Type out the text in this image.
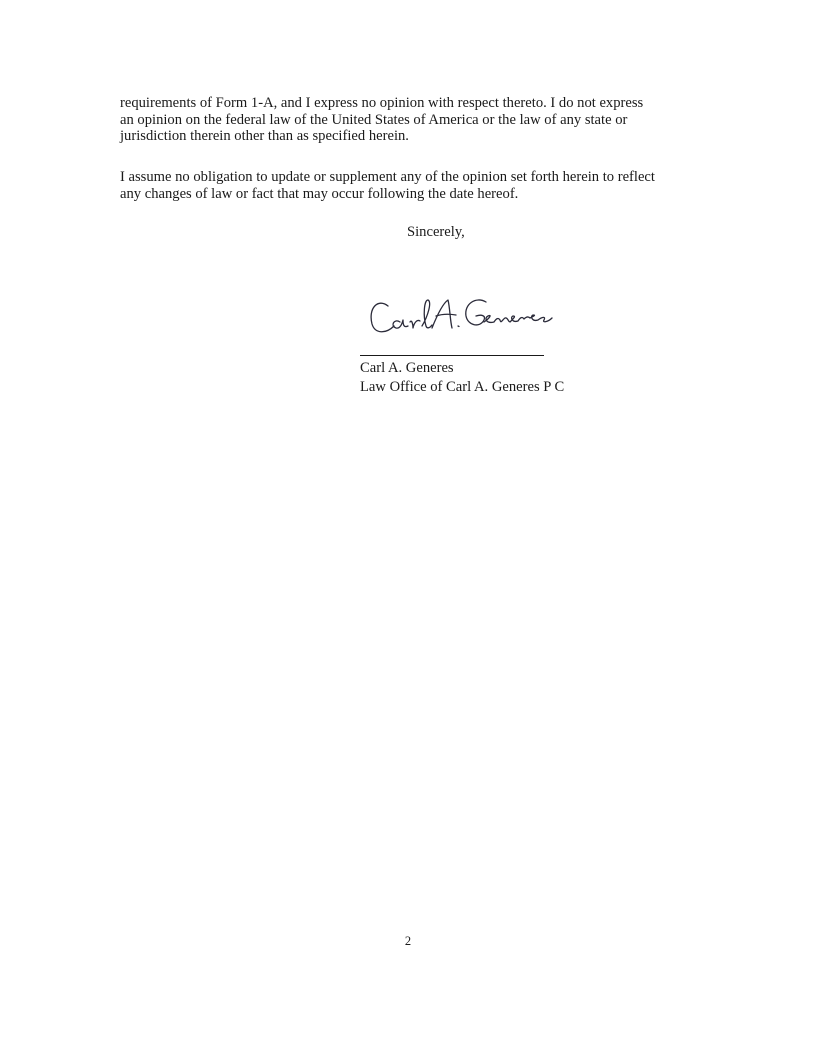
requirements of Form 1-A, and I express no opinion with respect thereto. I do not express
an opinion on the federal law of the United States of America or the law of any state or
jurisdiction therein other than as specified herein.

I assume no obligation to update or supplement any of the opinion set forth herein to reflect
any changes of law or fact that may occur following the date hereof.

Sincerely,
Carl A. Generes
Law Office of Carl A. Generes P C
2
